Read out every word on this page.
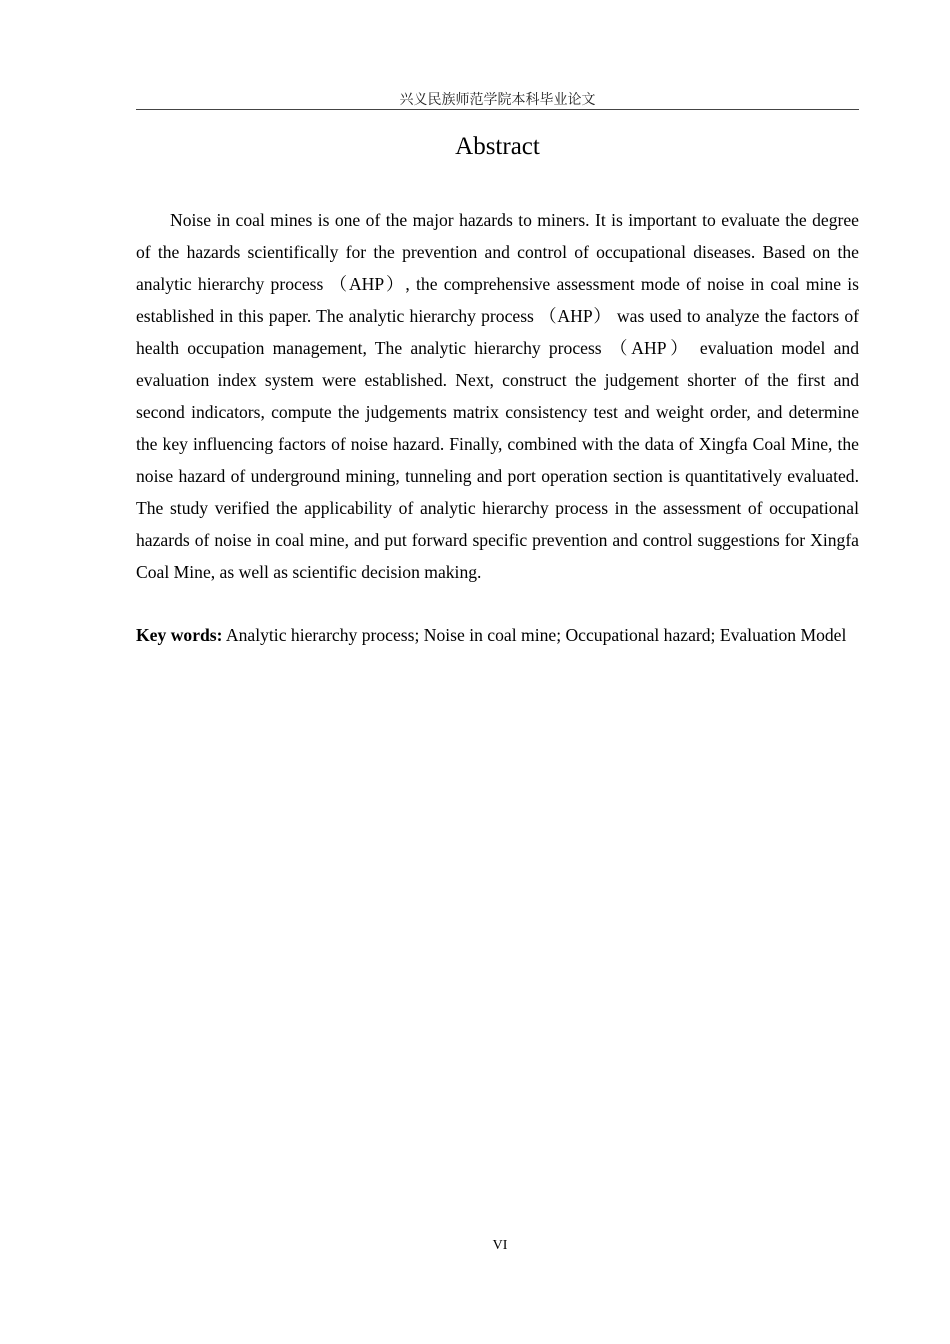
兴义民族师范学院本科毕业论文
Abstract

Noise in coal mines is one of the major hazards to miners. It is important to evaluate the degree of the hazards scientifically for the prevention and control of occupational diseases. Based on the analytic hierarchy process （AHP）, the comprehensive assessment mode of noise in coal mine is established in this paper. The analytic hierarchy process （AHP） was used to analyze the factors of health occupation management, The analytic hierarchy process （AHP） evaluation model and evaluation index system were established. Next, construct the judgement shorter of the first and second indicators, compute the judgements matrix consistency test and weight order, and determine the key influencing factors of noise hazard. Finally, combined with the data of Xingfa Coal Mine, the noise hazard of underground mining, tunneling and port operation section is quantitatively evaluated. The study verified the applicability of analytic hierarchy process in the assessment of occupational hazards of noise in coal mine, and put forward specific prevention and control suggestions for Xingfa Coal Mine, as well as scientific decision making.

Key words: Analytic hierarchy process; Noise in coal mine; Occupational hazard; Evaluation Model

VI
